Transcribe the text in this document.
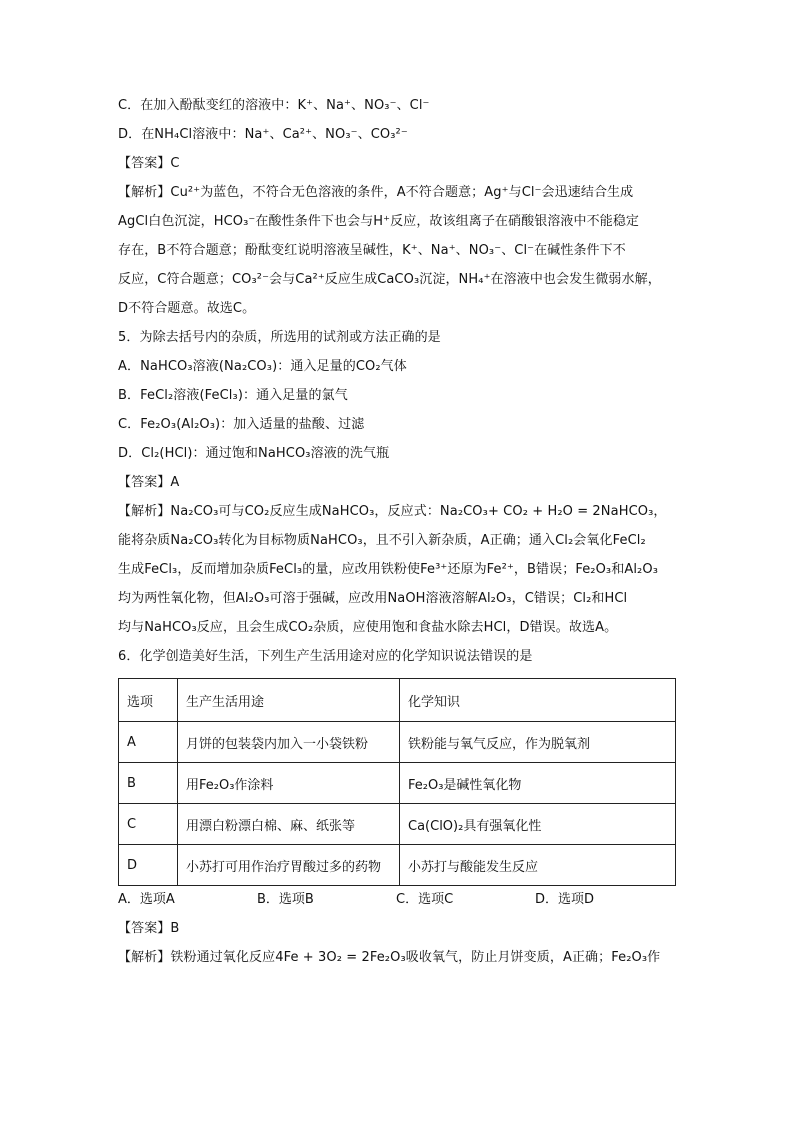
C．在加入酚酞变红的溶液中：K⁺、Na⁺、NO₃⁻、Cl⁻
D．在NH₄Cl溶液中：Na⁺、Ca²⁺、NO₃⁻、CO₃²⁻
【答案】C
【解析】Cu²⁺为蓝色，不符合无色溶液的条件，A不符合题意；Ag⁺与Cl⁻会迅速结合生成
AgCl白色沉淀，HCO₃⁻在酸性条件下也会与H⁺反应，故该组离子在硝酸银溶液中不能稳定
存在，B不符合题意；酚酞变红说明溶液呈碱性，K⁺、Na⁺、NO₃⁻、Cl⁻在碱性条件下不
反应，C符合题意；CO₃²⁻会与Ca²⁺反应生成CaCO₃沉淀，NH₄⁺在溶液中也会发生微弱水解，
D不符合题意。故选C。
5．为除去括号内的杂质，所选用的试剂或方法正确的是
A．NaHCO₃溶液(Na₂CO₃)：通入足量的CO₂气体
B．FeCl₂溶液(FeCl₃)：通入足量的氯气
C．Fe₂O₃(Al₂O₃)：加入适量的盐酸、过滤
D．Cl₂(HCl)：通过饱和NaHCO₃溶液的洗气瓶
【答案】A
【解析】Na₂CO₃可与CO₂反应生成NaHCO₃，反应式：Na₂CO₃+ CO₂ + H₂O = 2NaHCO₃，
能将杂质Na₂CO₃转化为目标物质NaHCO₃，且不引入新杂质，A正确；通入Cl₂会氧化FeCl₂
生成FeCl₃，反而增加杂质FeCl₃的量，应改用铁粉使Fe³⁺还原为Fe²⁺，B错误；Fe₂O₃和Al₂O₃
均为两性氧化物，但Al₂O₃可溶于强碱，应改用NaOH溶液溶解Al₂O₃，C错误；Cl₂和HCl
均与NaHCO₃反应，且会生成CO₂杂质，应使用饱和食盐水除去HCl，D错误。故选A。
6．化学创造美好生活，下列生产生活用途对应的化学知识说法错误的是
选项	生产生活用途	化学知识
A	月饼的包装袋内加入一小袋铁粉	铁粉能与氧气反应，作为脱氧剂
B	用Fe₂O₃作涂料	Fe₂O₃是碱性氧化物
C	用漂白粉漂白棉、麻、纸张等	Ca(ClO)₂具有强氧化性
D	小苏打可用作治疗胃酸过多的药物	小苏打与酸能发生反应
A．选项A	B．选项B	C．选项C	D．选项D
【答案】B
【解析】铁粉通过氧化反应4Fe + 3O₂ = 2Fe₂O₃吸收氧气，防止月饼变质，A正确；Fe₂O₃作
